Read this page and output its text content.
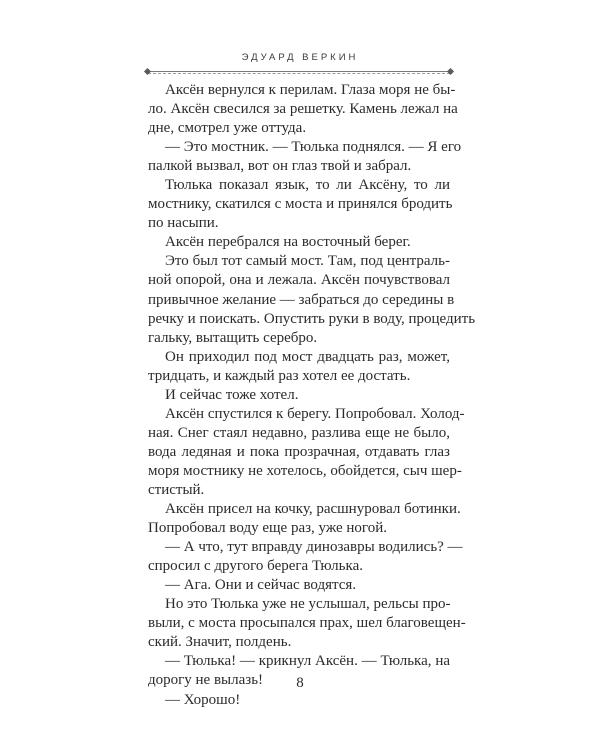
ЭДУАРД ВЕРКИН
Аксён вернулся к перилам. Глаза моря не бы-
ло. Аксён свесился за решетку. Камень лежал на
дне, смотрел уже оттуда.
— Это мостник. — Тюлька поднялся. — Я его
палкой вызвал, вот он глаз твой и забрал.
Тюлька показал язык, то ли Аксёну, то ли
мостнику, скатился с моста и принялся бродить
по насыпи.
Аксён перебрался на восточный берег.
Это был тот самый мост. Там, под централь-
ной опорой, она и лежала. Аксён почувствовал
привычное желание — забраться до середины в
речку и поискать. Опустить руки в воду, процедить
гальку, вытащить серебро.
Он приходил под мост двадцать раз, может,
тридцать, и каждый раз хотел ее достать.
И сейчас тоже хотел.
Аксён спустился к берегу. Попробовал. Холод-
ная. Снег стаял недавно, разлива еще не было,
вода ледяная и пока прозрачная, отдавать глаз
моря мостнику не хотелось, обойдется, сыч шер-
стистый.
Аксён присел на кочку, расшнуровал ботинки.
Попробовал воду еще раз, уже ногой.
— А что, тут вправду динозавры водились? —
спросил с другого берега Тюлька.
— Ага. Они и сейчас водятся.
Но это Тюлька уже не услышал, рельсы про-
выли, с моста просыпался прах, шел благовещен-
ский. Значит, полдень.
— Тюлька! — крикнул Аксён. — Тюлька, на
дорогу не вылазь!
— Хорошо!
8
